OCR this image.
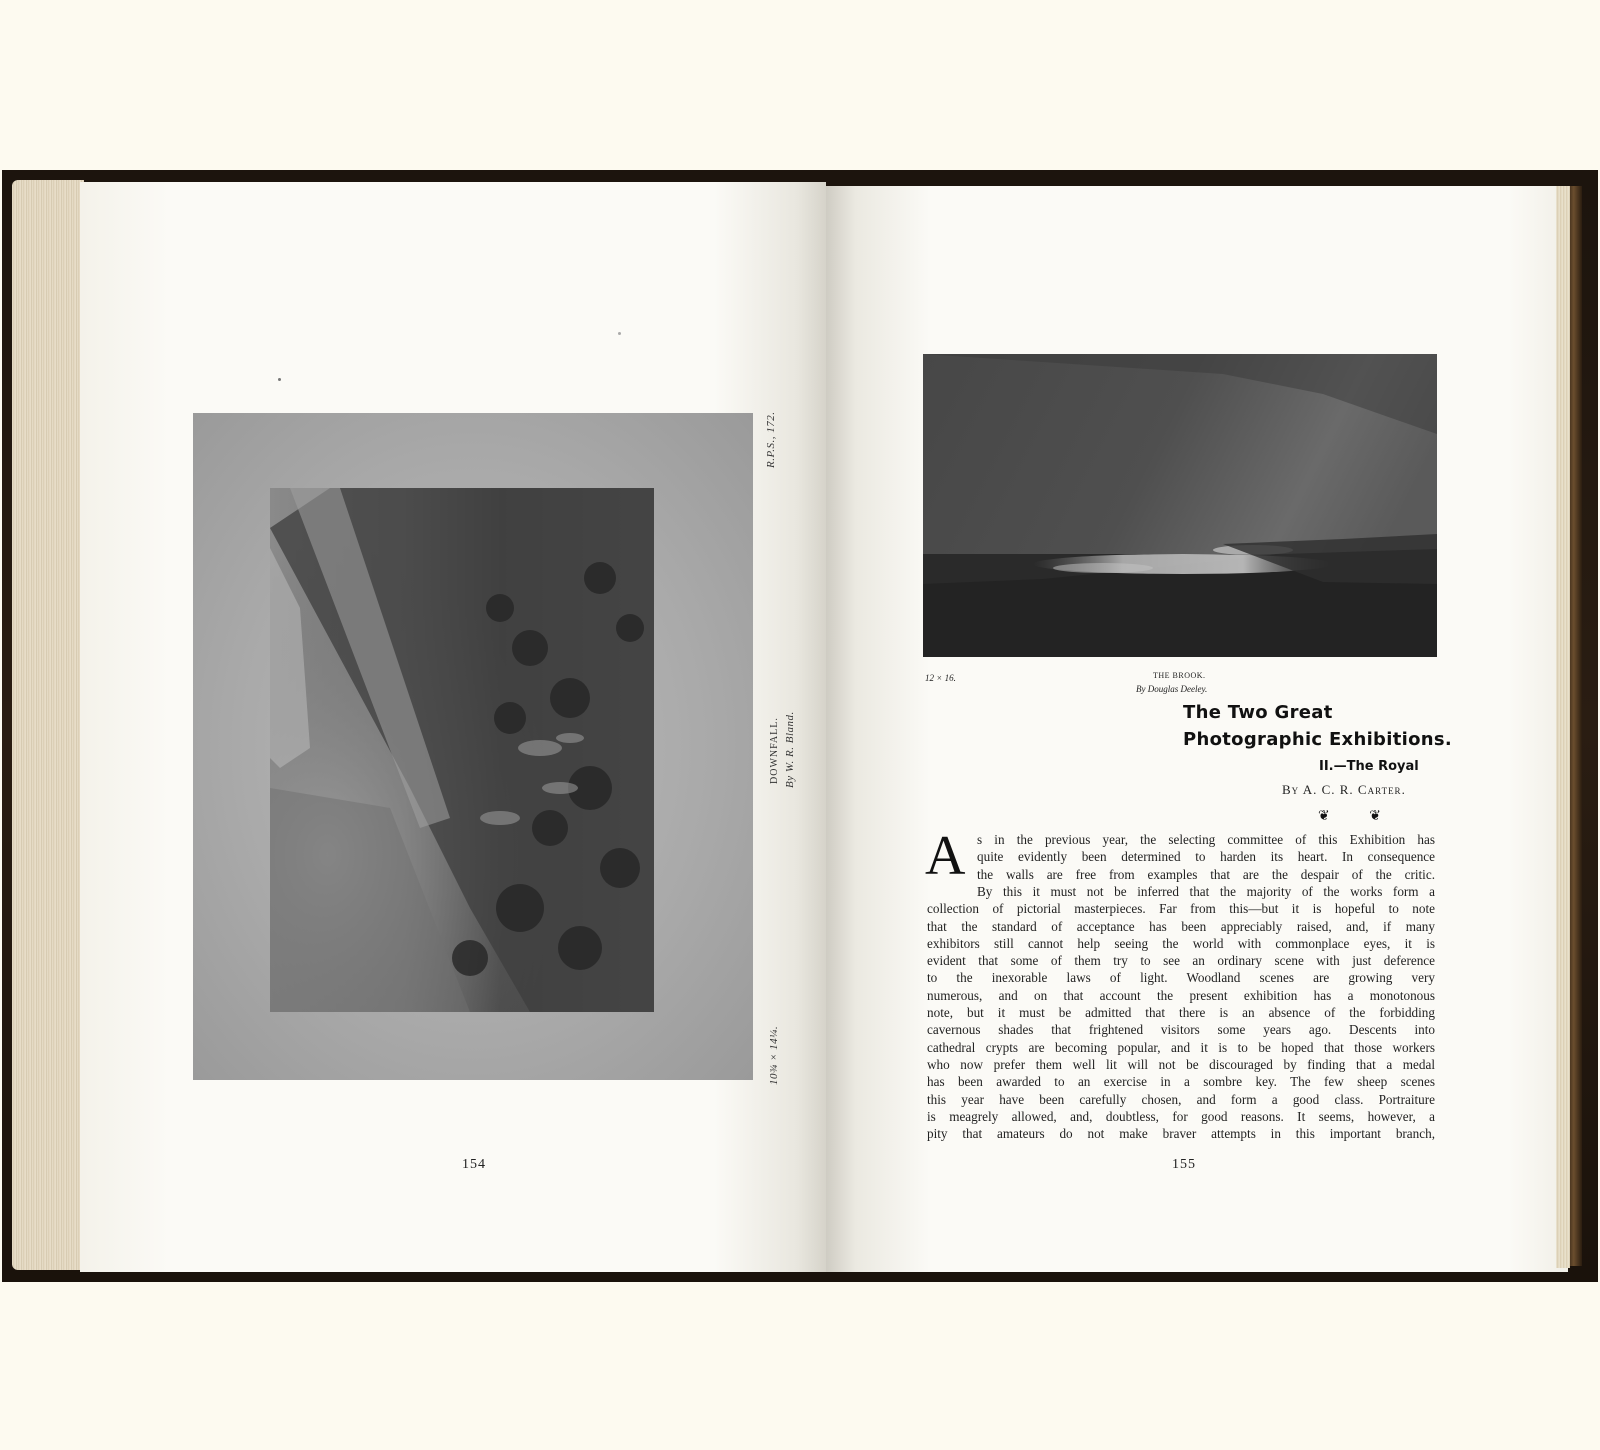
R.P.S., 172.
DOWNFALL. By W. R. Bland.
10¾ × 14¼.
154
12 × 16.	THE BROOK.
By Douglas Deeley.
The Two Great
Photographic Exhibitions.
II.—The Royal
By A. C. R. Carter.
❦ ❦
A s in the previous year, the selecting committee of this Exhibition has
quite evidently been determined to harden its heart. In consequence
the walls are free from examples that are the despair of the critic.
By this it must not be inferred that the majority of the works form a
collection of pictorial masterpieces. Far from this—but it is hopeful to note
that the standard of acceptance has been appreciably raised, and, if many
exhibitors still cannot help seeing the world with commonplace eyes, it is
evident that some of them try to see an ordinary scene with just deference
to the inexorable laws of light. Woodland scenes are growing very
numerous, and on that account the present exhibition has a monotonous
note, but it must be admitted that there is an absence of the forbidding
cavernous shades that frightened visitors some years ago. Descents into
cathedral crypts are becoming popular, and it is to be hoped that those workers
who now prefer them well lit will not be discouraged by finding that a medal
has been awarded to an exercise in a sombre key. The few sheep scenes
this year have been carefully chosen, and form a good class. Portraiture
is meagrely allowed, and, doubtless, for good reasons. It seems, however, a
pity that amateurs do not make braver attempts in this important branch,
155
